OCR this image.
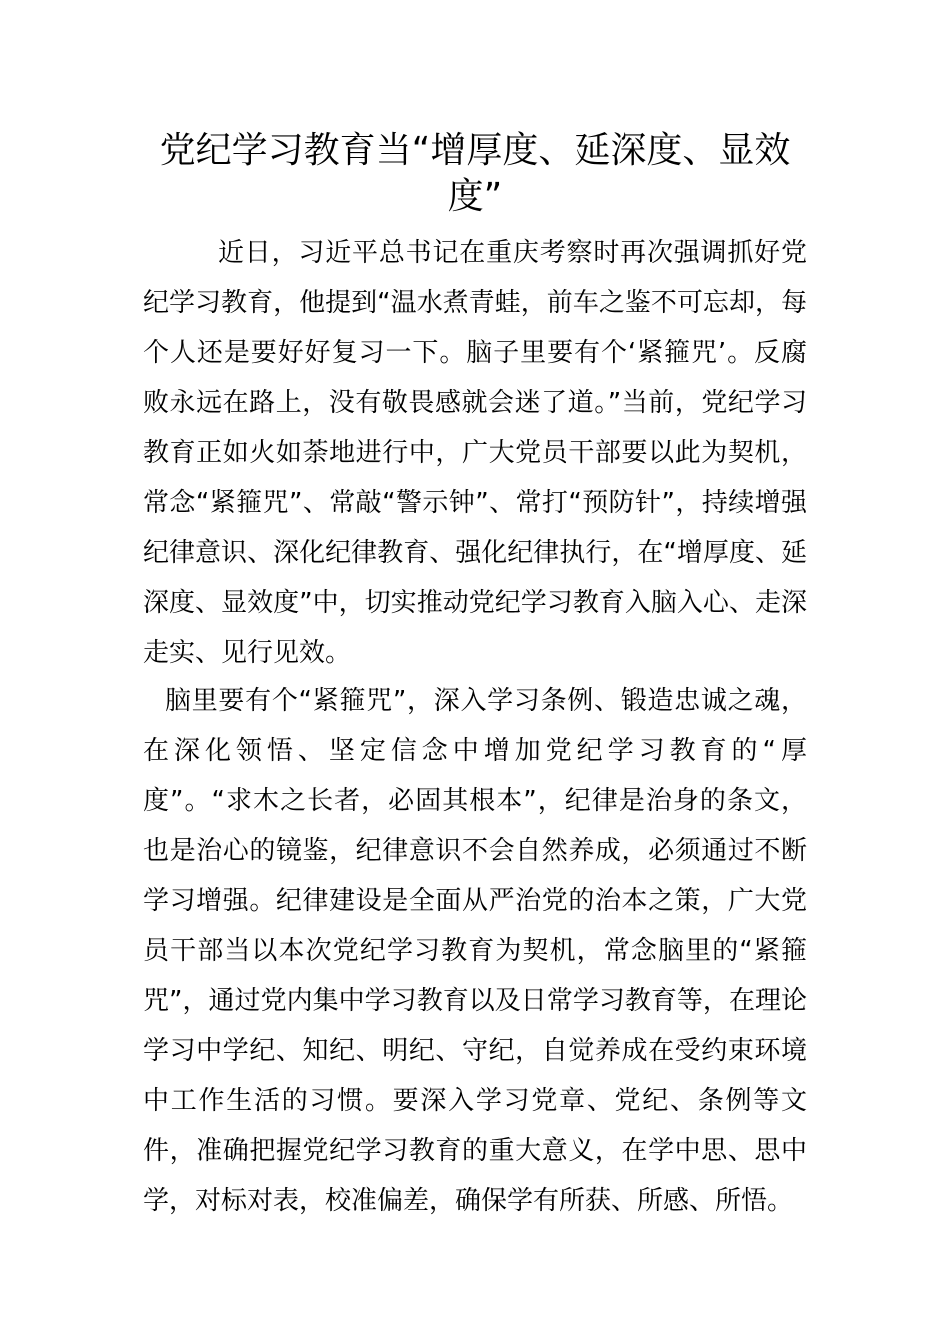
党纪学习教育当“增厚度、延深度、显效度”

近日，习近平总书记在重庆考察时再次强调抓好党纪学习教育，他提到“温水煮青蛙，前车之鉴不可忘却，每个人还是要好好复习一下。脑子里要有个‘紧箍咒’。反腐败永远在路上，没有敬畏感就会迷了道。”当前，党纪学习教育正如火如荼地进行中，广大党员干部要以此为契机，常念“紧箍咒”、常敲“警示钟”、常打“预防针”，持续增强纪律意识、深化纪律教育、强化纪律执行，在“增厚度、延深度、显效度”中，切实推动党纪学习教育入脑入心、走深走实、见行见效。

脑里要有个“紧箍咒”，深入学习条例、锻造忠诚之魂，在深化领悟、坚定信念中增加党纪学习教育的“厚度”。“求木之长者，必固其根本”，纪律是治身的条文，也是治心的镜鉴，纪律意识不会自然养成，必须通过不断学习增强。纪律建设是全面从严治党的治本之策，广大党员干部当以本次党纪学习教育为契机，常念脑里的“紧箍咒”，通过党内集中学习教育以及日常学习教育等，在理论学习中学纪、知纪、明纪、守纪，自觉养成在受约束环境中工作生活的习惯。要深入学习党章、党纪、条例等文件，准确把握党纪学习教育的重大意义，在学中思、思中学，对标对表，校准偏差，确保学有所获、所感、所悟。
